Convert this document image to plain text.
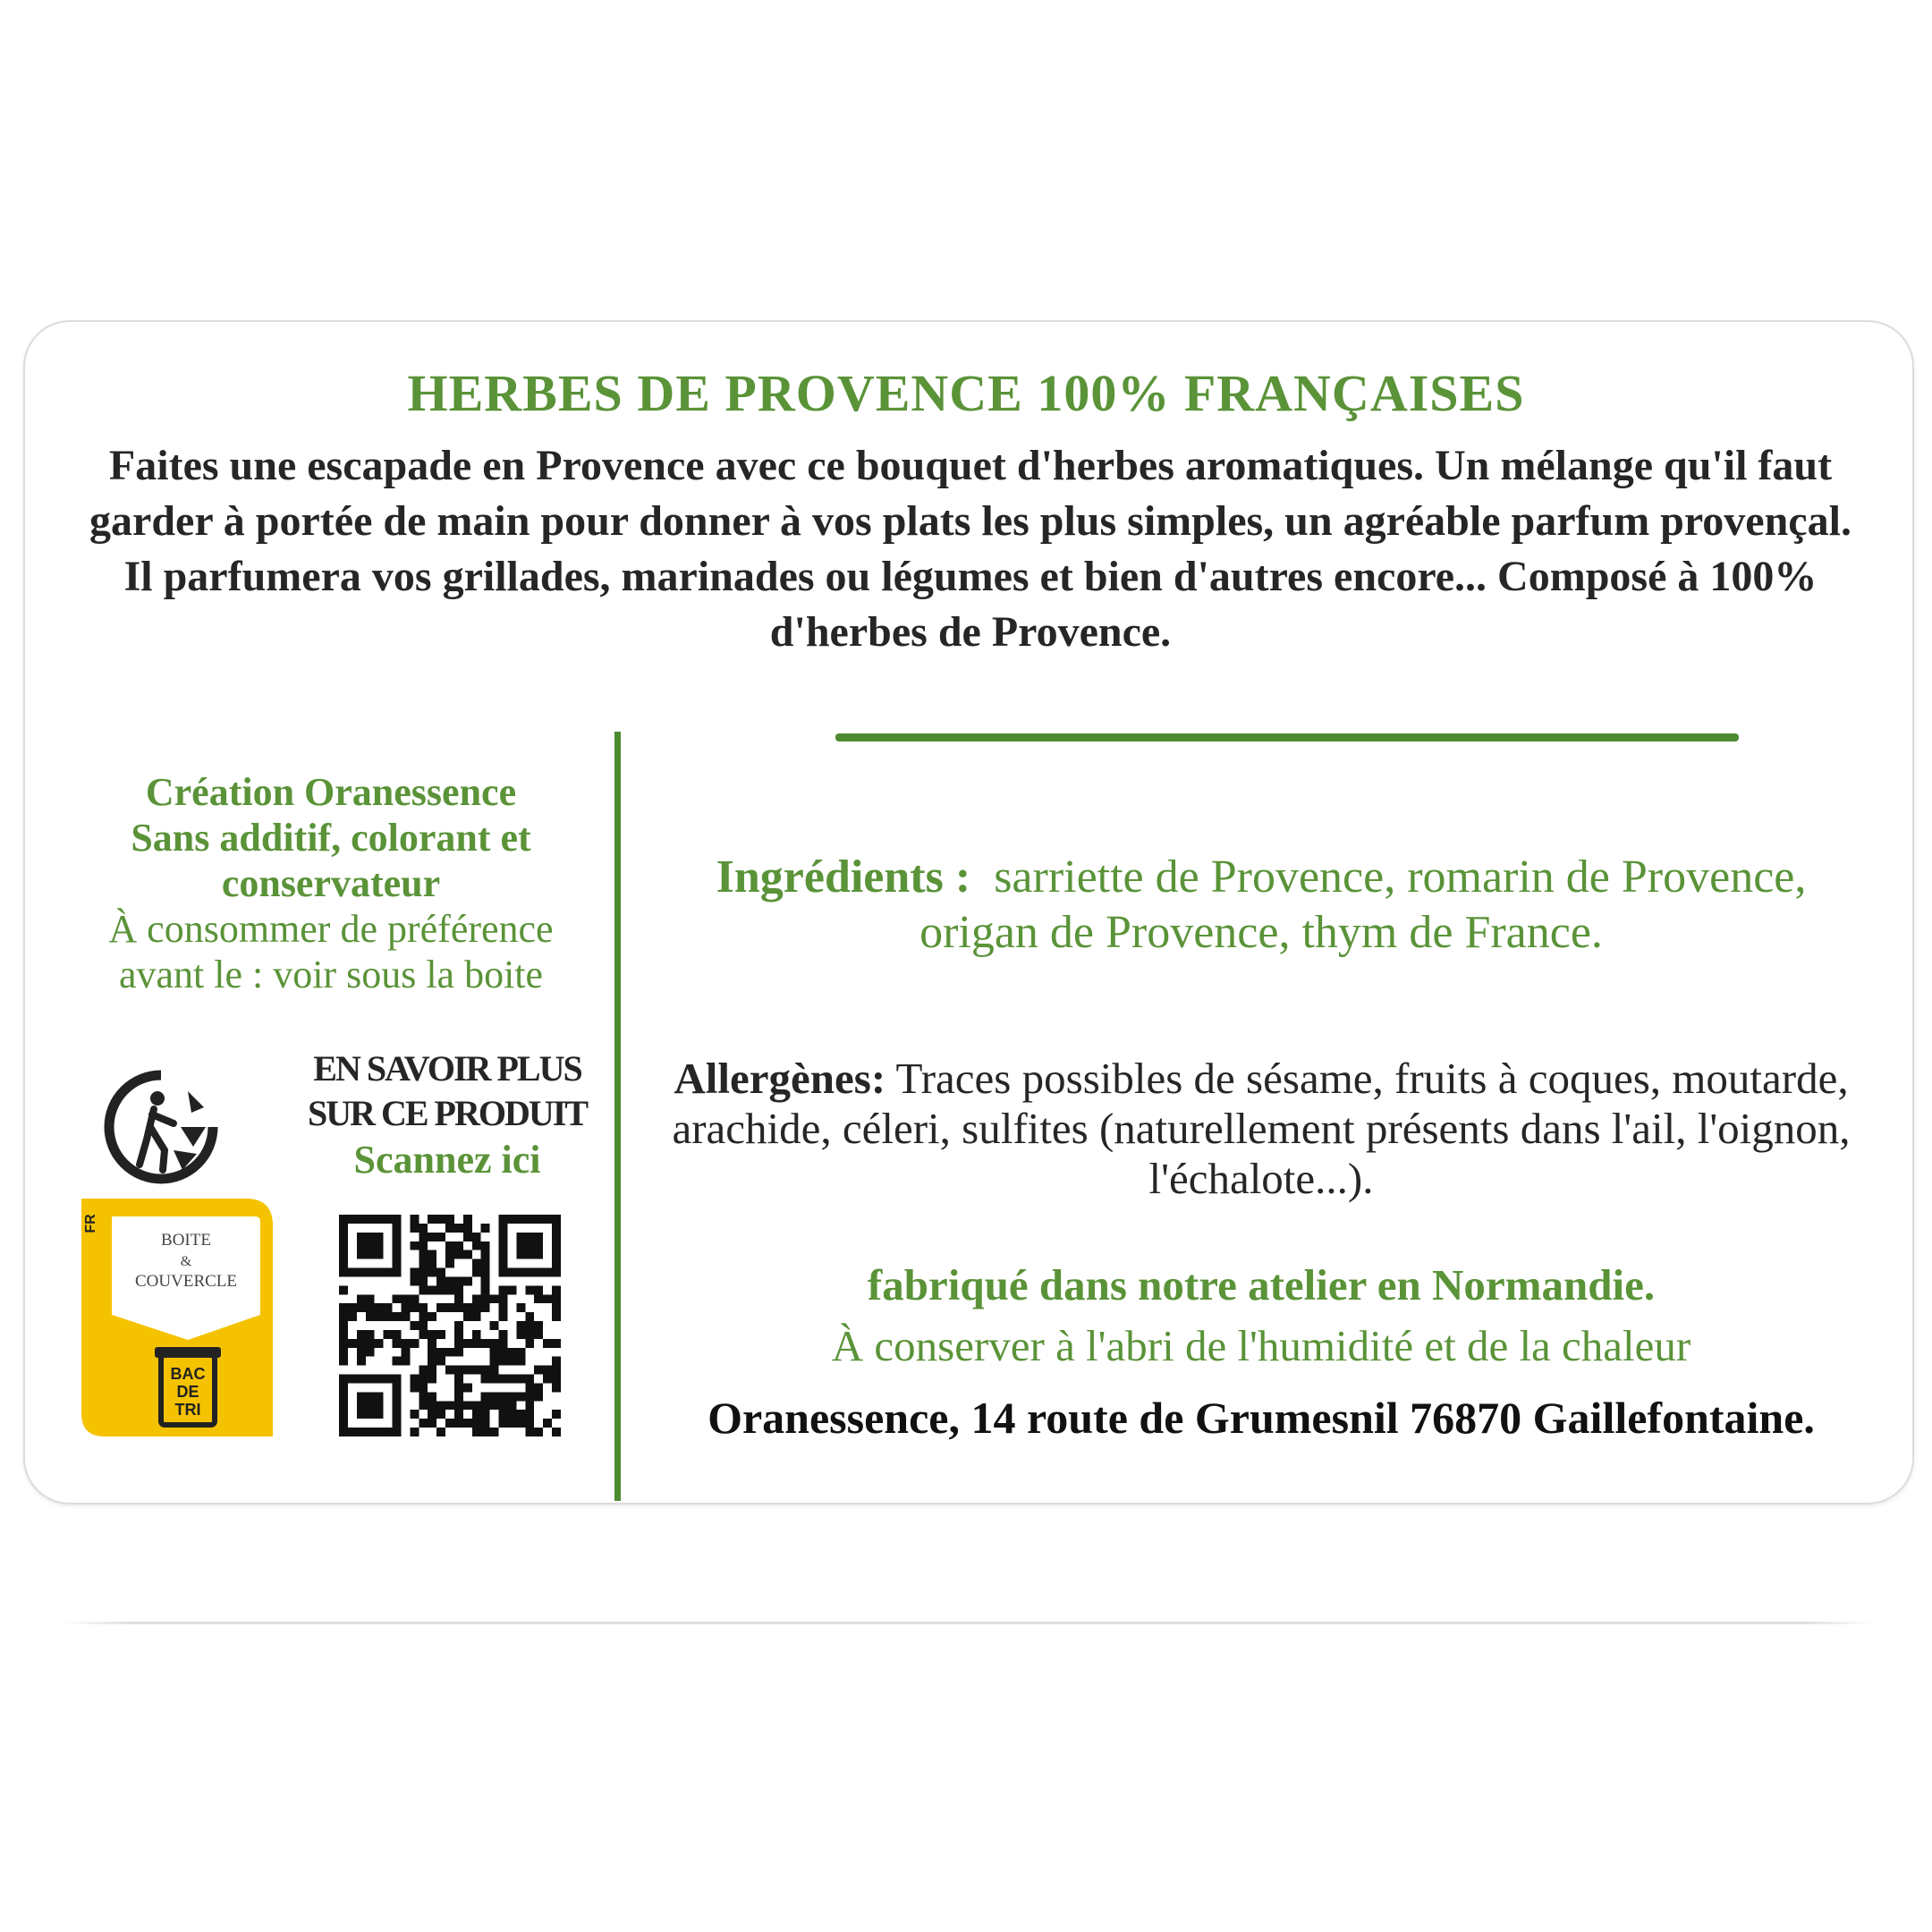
HERBES DE PROVENCE 100% FRANÇAISES
Faites une escapade en Provence avec ce bouquet d'herbes aromatiques. Un mélange qu'il faut garder à portée de main pour donner à vos plats les plus simples, un agréable parfum provençal. Il parfumera vos grillades, marinades ou légumes et bien d'autres encore... Composé à 100% d'herbes de Provence.
Création Oranessence
Sans additif, colorant et conservateur
À consommer de préférence avant le : voir sous la boite
EN SAVOIR PLUS
SUR CE PRODUIT
Scannez ici
FR
BOITE
&
COUVERCLE
BAC
DE
TRI
Ingrédients : sarriette de Provence, romarin de Provence, origan de Provence, thym de France.
Allergènes: Traces possibles de sésame, fruits à coques, moutarde, arachide, céleri, sulfites (naturellement présents dans l'ail, l'oignon, l'échalote...).
fabriqué dans notre atelier en Normandie.
À conserver à l'abri de l'humidité et de la chaleur
Oranessence, 14 route de Grumesnil 76870 Gaillefontaine.
